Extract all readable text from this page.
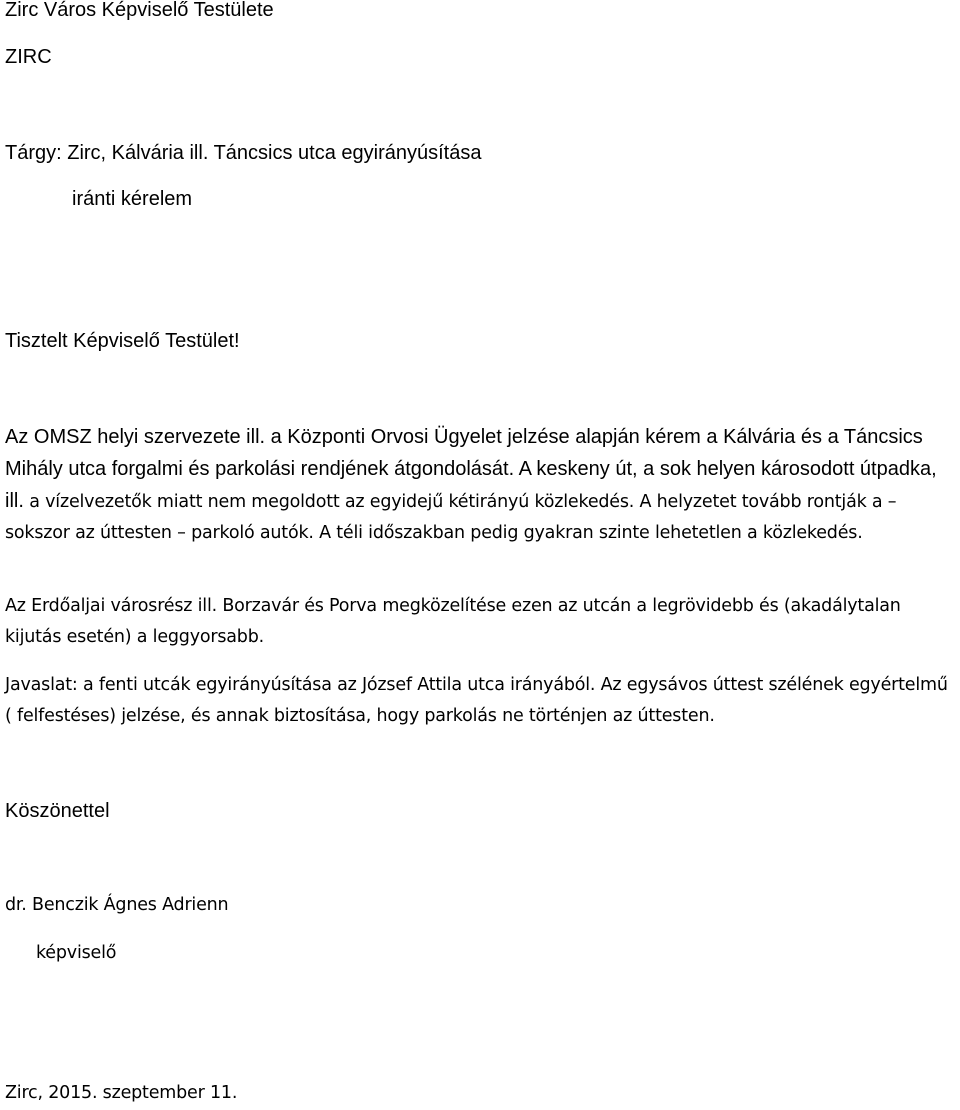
Zirc Város Képviselő Testülete
ZIRC
Tárgy: Zirc, Kálvária ill. Táncsics utca egyirányúsítása
iránti kérelem
Tisztelt Képviselő Testület!
Az OMSZ helyi szervezete ill. a Központi Orvosi Ügyelet jelzése alapján kérem a Kálvária és a Táncsics Mihály utca forgalmi és parkolási rendjének átgondolását. A keskeny út, a sok helyen károsodott útpadka, ill. a vízelvezetők miatt nem megoldott az egyidejű kétirányú közlekedés. A helyzetet tovább rontják a – sokszor az úttesten – parkoló autók. A téli időszakban pedig gyakran szinte lehetetlen a közlekedés.
Az Erdőaljai városrész ill. Borzavár és Porva megközelítése ezen az utcán a legrövidebb és (akadálytalan kijutás esetén) a leggyorsabb.
Javaslat: a fenti utcák egyirányúsítása az József Attila utca irányából. Az egysávos úttest szélének egyértelmű ( felfestéses) jelzése, és annak biztosítása, hogy parkolás ne történjen az úttesten.
Köszönettel
dr. Benczik Ágnes Adrienn
képviselő
Zirc, 2015. szeptember 11.
